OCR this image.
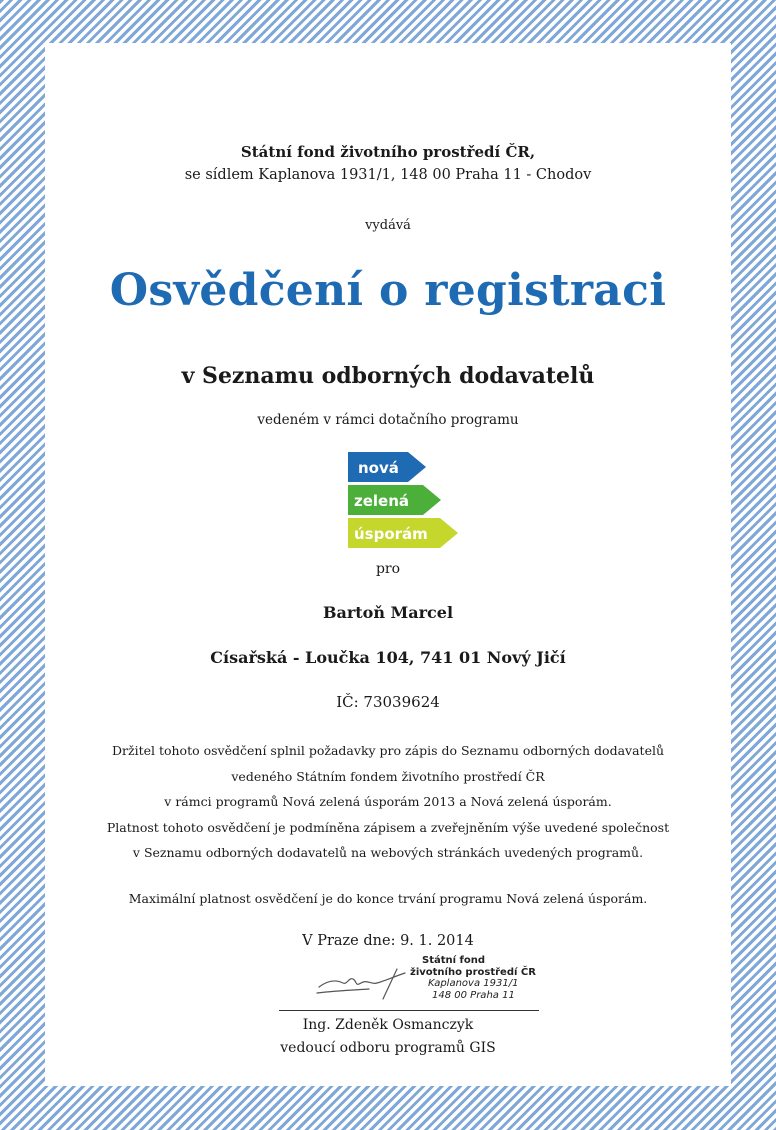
Státní fond životního prostředí ČR,
se sídlem Kaplanova 1931/1, 148 00 Praha 11 - Chodov
vydává
Osvědčení o registraci
v Seznamu odborných dodavatelů
vedeném v rámci dotačního programu
nová
zelená
úsporám
pro
Bartoň Marcel
Císařská - Loučka 104, 741 01 Nový Jičí
IČ: 73039624
Držitel tohoto osvědčení splnil požadavky pro zápis do Seznamu odborných dodavatelů
vedeného Státním fondem životního prostředí ČR
v rámci programů Nová zelená úsporám 2013 a Nová zelená úsporám.
Platnost tohoto osvědčení je podmíněna zápisem a zveřejněním výše uvedené společnost
v Seznamu odborných dodavatelů na webových stránkách uvedených programů.
Maximální platnost osvědčení je do konce trvání programu Nová zelená úsporám.
V Praze dne: 9. 1. 2014
Státní fond
životního prostředí ČR
Kaplanova 1931/1
148 00 Praha 11
Ing. Zdeněk Osmanczyk
vedoucí odboru programů GIS
